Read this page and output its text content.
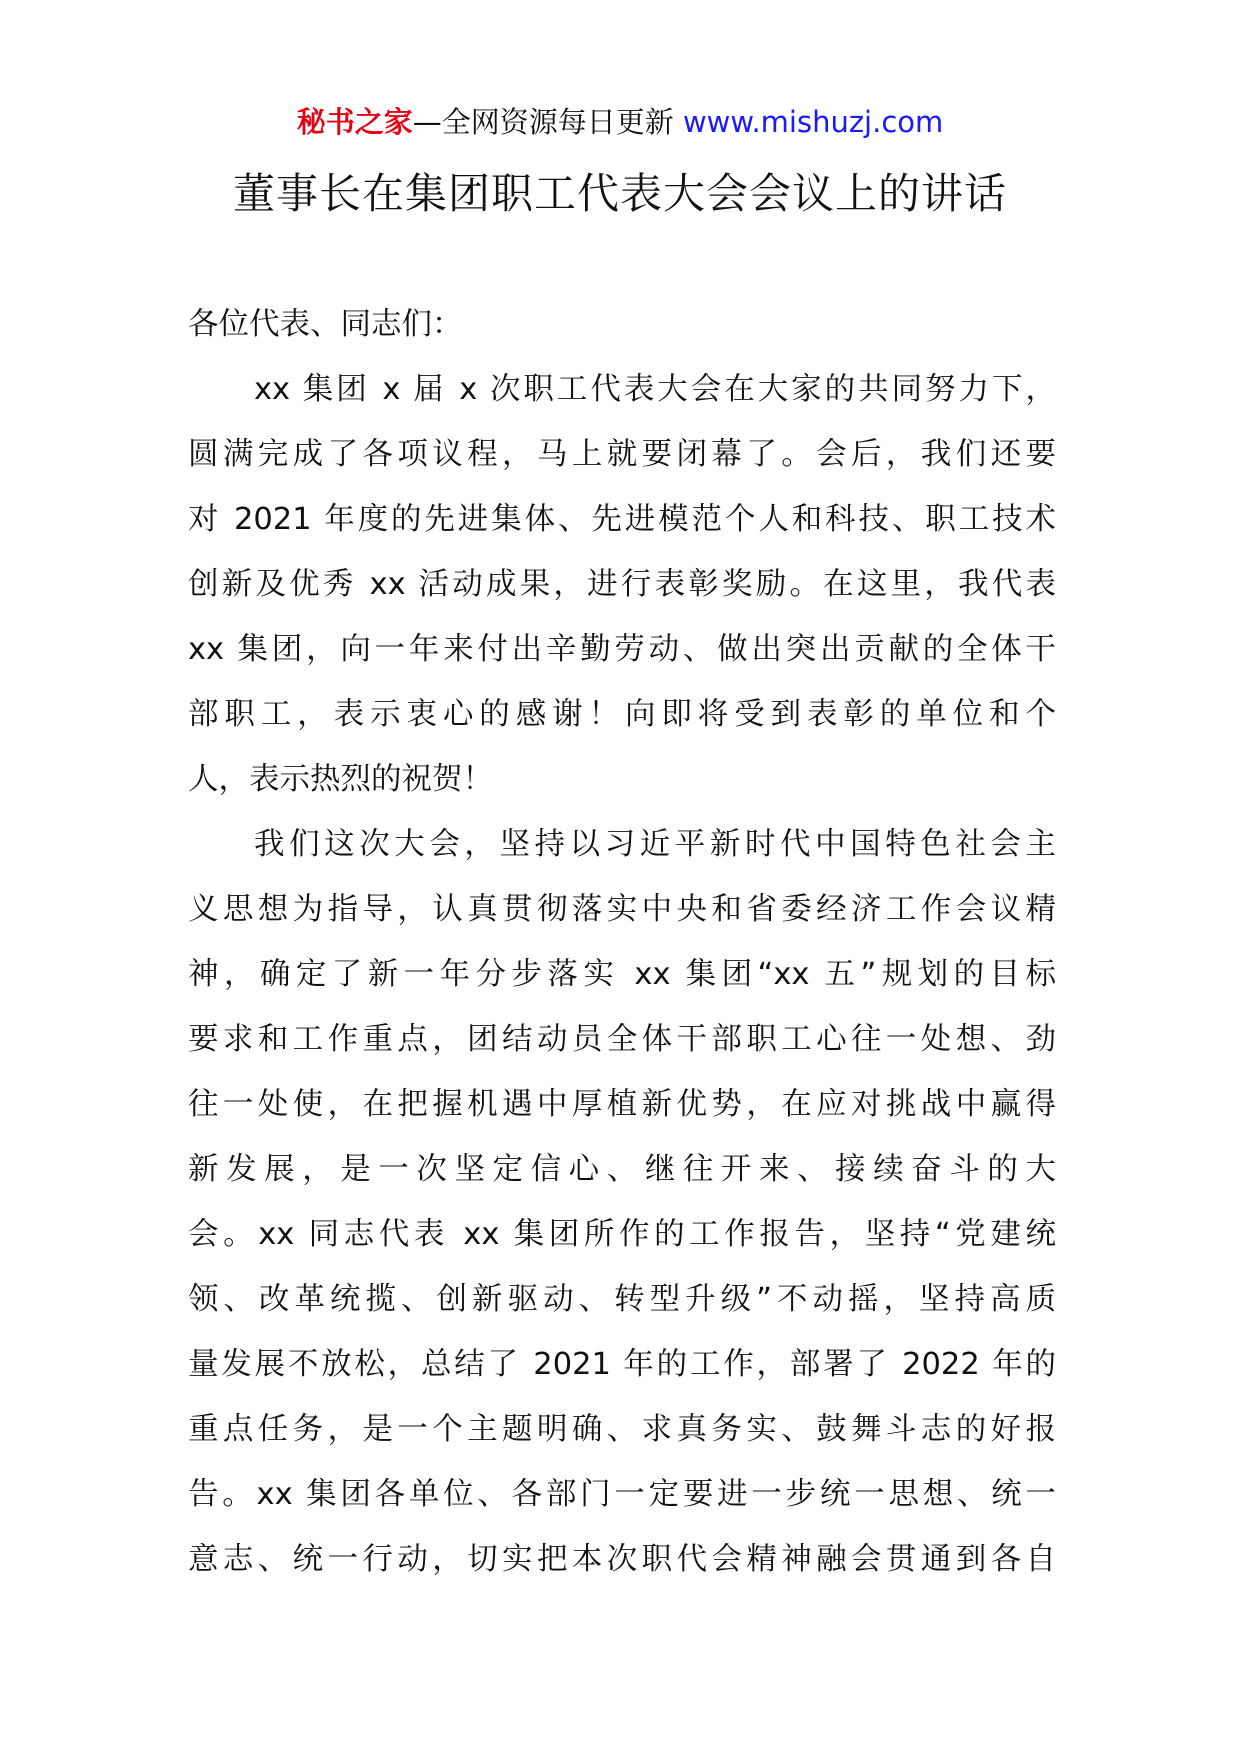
秘书之家—全网资源每日更新 www.mishuzj.com
董事长在集团职工代表大会会议上的讲话
各位代表、同志们：
xx 集团 x 届 x 次职工代表大会在大家的共同努力下，
圆满完成了各项议程，马上就要闭幕了。会后，我们还要
对 2021 年度的先进集体、先进模范个人和科技、职工技术
创新及优秀 xx 活动成果，进行表彰奖励。在这里，我代表
xx 集团，向一年来付出辛勤劳动、做出突出贡献的全体干
部职工，表示衷心的感谢！向即将受到表彰的单位和个
人，表示热烈的祝贺！
我们这次大会，坚持以习近平新时代中国特色社会主
义思想为指导，认真贯彻落实中央和省委经济工作会议精
神，确定了新一年分步落实 xx 集团“xx 五”规划的目标
要求和工作重点，团结动员全体干部职工心往一处想、劲
往一处使，在把握机遇中厚植新优势，在应对挑战中赢得
新发展，是一次坚定信心、继往开来、接续奋斗的大
会。xx 同志代表 xx 集团所作的工作报告，坚持“党建统
领、改革统揽、创新驱动、转型升级”不动摇，坚持高质
量发展不放松，总结了 2021 年的工作，部署了 2022 年的
重点任务，是一个主题明确、求真务实、鼓舞斗志的好报
告。xx 集团各单位、各部门一定要进一步统一思想、统一
意志、统一行动，切实把本次职代会精神融会贯通到各自
